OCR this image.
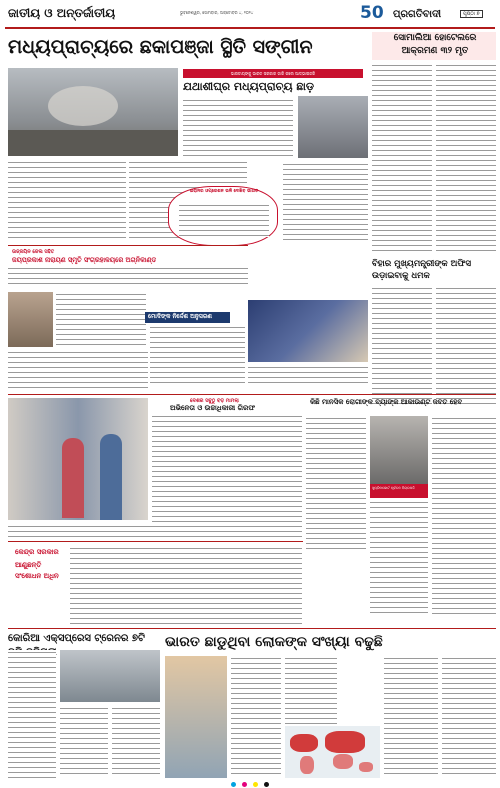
ଜାତୀୟ ଓ ଅନ୍ତର୍ଜାତୀୟ	ଭୁବନେଶ୍ୱର, ସୋମବାର, ଅକ୍ଟୋବର ୪, ୨୦୨୪	50 ପ୍ରଗତିବାଦୀ	ପୃଷ୍ଠା ୭
ମଧ୍ୟପ୍ରାଚ୍ୟରେ ଛକାପଞ୍ଜା ସ୍ଥିତି ସଙ୍ଗୀନ
ଭାରତୀୟଙ୍କୁ ଭାରତ ସରକାର ଜାରି କଲେ ଆଡ୍ଭାଇଜରି
ଯଥାଶୀଘ୍ର ମଧ୍ୟପ୍ରାଚ୍ୟ ଛାଡ଼
ଇରାନର ଓପ୍ରେଶନ ଭଳି ଦେଖିବ ଭାରତ
ସୋମାଲିଆ ହୋଟେଲରେ ଆକ୍ରମଣ ୩୨ ମୃତ
ବିହାର ମୁଖ୍ୟମନ୍ତ୍ରୀଙ୍କ ଅଫିସ ଉଡ଼ାଇବାକୁ ଧମକ
ଉଜ୍ଜୟିନ ଜେଲ ସହିତ
ଜୟପ୍ରକାଶ ନାରାୟଣ ସ୍ମୃତି ସଂଗ୍ରହାଳୟରେ ଅଗ୍ନିକାଣ୍ଡ
ମୋଦିଙ୍କ ନିର୍ଦ୍ଦେଶ ଅନୁସରଣ
ଦେଶର ସବୁଠୁ ବଡ଼ ମାମଲା
ଅଭିନେତା ଓ ଉଚ୍ଚାଧିକାରୀ ଗିରଫ
କିଛି ମାନସିକ ରୋଗୀଙ୍କ ବ୍ୟାଙ୍କ ଆକାଉଣ୍ଟ ଜବତ ହେବ
ସୁପ୍ରିମକୋର୍ଟ ପୂର୍ବତନ ବିଚାରପତି
କେନ୍ଦ୍ର ସରକାର
ଆଣୁଛନ୍ତି ସଂଶୋଧନ ଅଧିନ
କୋରିଆ ଏକ୍ସପ୍ରେସ ଟ୍ରେନର ୭ଟି	ଭାରତ ଛାଡୁଥିବା ଲୋକଙ୍କ ସଂଖ୍ୟା ବଢୁଛି
